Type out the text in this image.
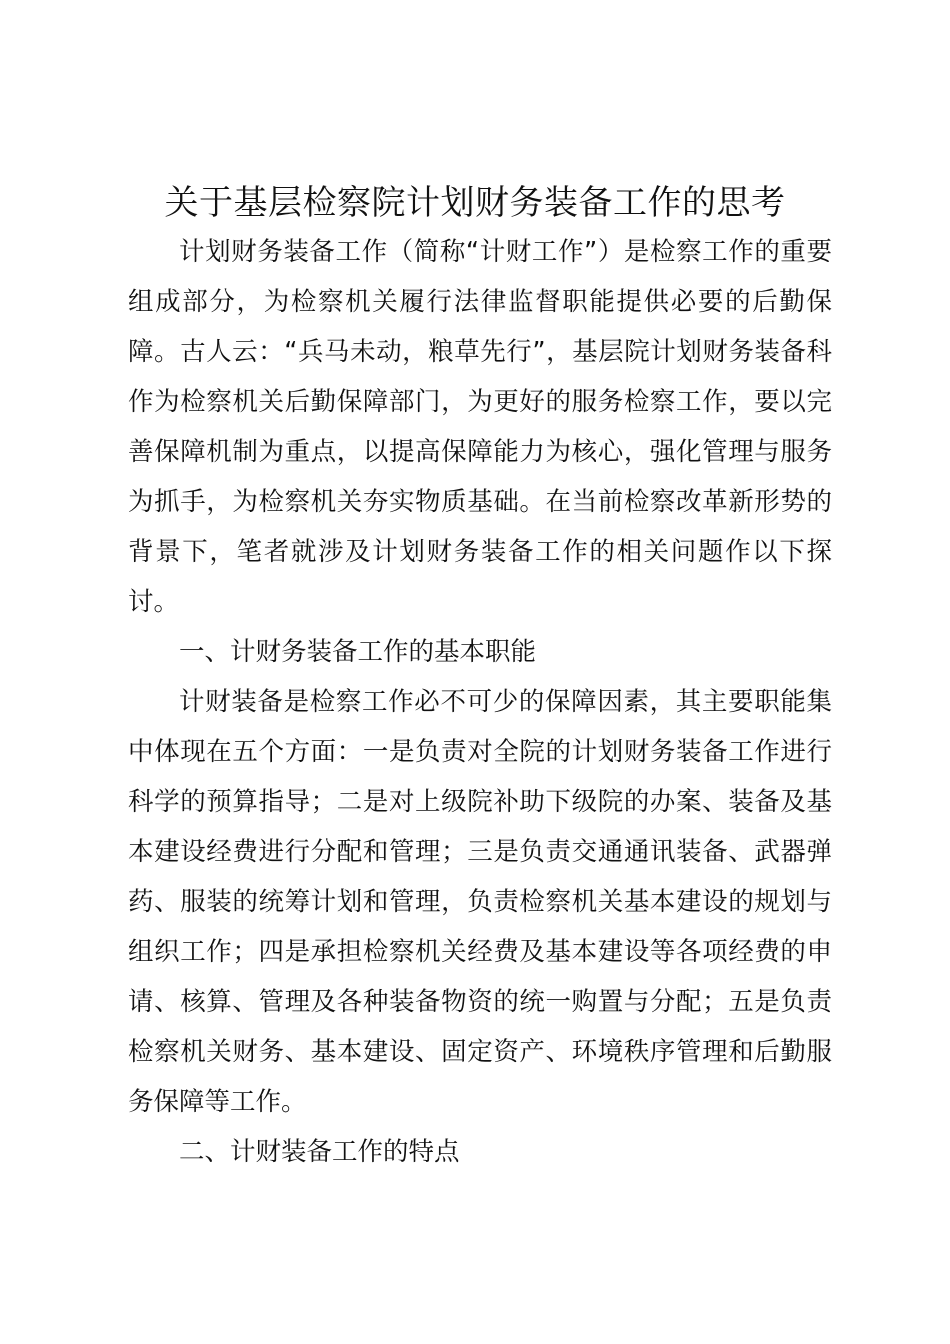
关于基层检察院计划财务装备工作的思考

计划财务装备工作（简称“计财工作”）是检察工作的重要组成部分，为检察机关履行法律监督职能提供必要的后勤保障。古人云：“兵马未动，粮草先行”，基层院计划财务装备科作为检察机关后勤保障部门，为更好的服务检察工作，要以完善保障机制为重点，以提高保障能力为核心，强化管理与服务为抓手，为检察机关夯实物质基础。在当前检察改革新形势的背景下，笔者就涉及计划财务装备工作的相关问题作以下探讨。

一、计财务装备工作的基本职能

计财装备是检察工作必不可少的保障因素，其主要职能集中体现在五个方面：一是负责对全院的计划财务装备工作进行科学的预算指导；二是对上级院补助下级院的办案、装备及基本建设经费进行分配和管理；三是负责交通通讯装备、武器弹药、服装的统筹计划和管理，负责检察机关基本建设的规划与组织工作；四是承担检察机关经费及基本建设等各项经费的申请、核算、管理及各种装备物资的统一购置与分配；五是负责检察机关财务、基本建设、固定资产、环境秩序管理和后勤服务保障等工作。

二、计财装备工作的特点
